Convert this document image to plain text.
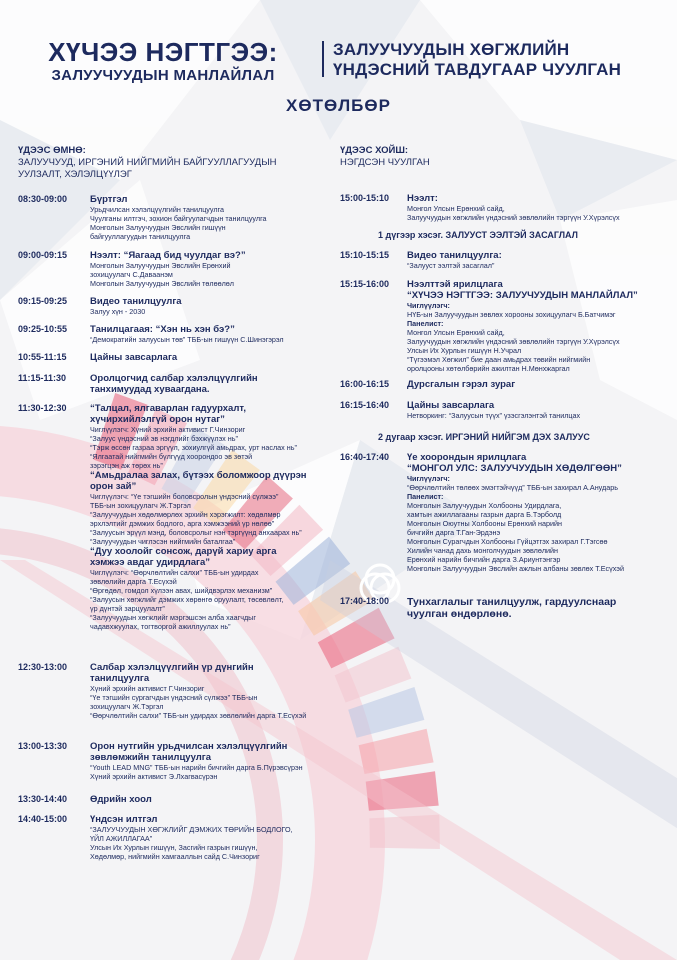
ХҮЧЭЭ НЭГТГЭЭ:
ЗАЛУУЧУУДЫН МАНЛАЙЛАЛ
ЗАЛУУЧУУДЫН ХӨГЖЛИЙН
ҮНДЭСНИЙ ТАВДУГААР ЧУУЛГАН
ХӨТӨЛБӨР
ҮДЭЭС ӨМНӨ:
ЗАЛУУЧУУД, ИРГЭНИЙ НИЙГМИЙН БАЙГУУЛЛАГУУДЫН
УУЛЗАЛТ, ХЭЛЭЛЦҮҮЛЭГ
ҮДЭЭС ХОЙШ:
НЭГДСЭН ЧУУЛГАН
08:30-09:00 Бүртгэл
Урьдчилсан хэлэлцүүлгийн танилцуулга
Чуулганы илтгэч, зохион байгуулагчдын танилцуулга
Монголын Залуучуудын Эвслийн гишүүн
байгууллагуудын танилцуулга
09:00-09:15 Нээлт: “Яагаад бид чуулдаг вэ?”
Монголын Залуучуудын Эвслийн Ерөнхий
зохицуулагч С.Даваанэм
Монголын Залуучуудын Эвслийн төлөөлөл
09:15-09:25 Видео танилцуулга
Залуу хүн - 2030
09:25-10:55 Танилцагаая: “Хэн нь хэн бэ?”
“Демократийн залуусын төв” ТББ-ын гишүүн С.Шинэгэрэл
10:55-11:15 Цайны завсарлага
11:15-11:30	Оролцогчид салбар хэлэлцүүлгийн
танхимуудад хуваагдана.
11:30-12:30 “Талцал, ялгаварлан гадуурхалт,
хүчирхийлэлгүй орон нутаг”
Чиглүүлэгч: Хүний эрхийн активист Г.Чинзориг
“Залуус үндэсний эв нэгдлийг бэхжүүлэх нь”
“Тэрж өссөн газраа эргүүл, зохиулгүй амьдрах, урт наслах нь”
“Ялгаатай нийгмийн бүлгүүд хоорондоо эв зөтэй
зэрэгцэн аж төрөх нь”
“Амьдралаа залах, бүтээх боломжоор дүүрэн
орон зай”
Чиглүүлэгч: “Үе тэгшийн боловсролын үндэсний сүлжээ”
ТББ-ын зохицуулагч Ж.Тэргэл
“Залуучуудын хөдөлмөрлөх эрхийн хэрэгжилт: хөдөлмөр
эрхлэлтийг дэмжих бодлого, арга хэмжээний үр нөлөө”
“Залуусын эрүүл мэнд, боловсролыг нэн тэргүүнд анхаарах нь”
“Залуучуудын чиглэсэн нийгмийн баталгаа”
“Дуу хоолойг сонсож, дарүй хариу арга
хэмжээ авдаг удирдлага”
Чиглүүлэгч: “Өөрчлөлтийн салхи” ТББ-ын удирдах
зөвлөлийн дарга Т.Есүхэй
“Өргөдөл, гомдол хүлээн авах, шийдвэрлэх механизм”
“Залуусын хөгжлийг дэмжих хөрөнгө оруулалт, төсөвлөлт,
үр дүнтэй зарцуулалт”
“Залуучуудын хөгжлийг мэргэшсэн алба хаагчдыг
чадавхжуулах, тогтворгой ажиллуулах нь”
12:30-13:00 Салбар хэлэлцүүлгийн үр дүнгийн
танилцуулга
Хүний эрхийн активист Г.Чинзориг
“Үе тэгшийн сургагчдын үндэсний сүлжээ” ТББ-ын
зохицуулагч Ж.Тэргэл
“Өөрчлөлтийн салхи” ТББ-ын удирдах зөвлөлийн дарга Т.Есүхэй
13:00-13:30 Орон нутгийн урьдчилсан хэлэлцүүлгийн
зөвлөмжийн танилцуулга
“Youth LEAD MNG” ТББ-ын нарийн бичгийн дарга Б.Пүрэвсүрэн
Хүний эрхийн активист Э.Лхагвасүрэн
13:30-14:40 Өдрийн хоол
14:40-15:00 Үндсэн илтгэл
“ЗАЛУУЧУУДЫН ХӨГЖЛИЙГ ДЭМЖИХ ТӨРИЙН БОДЛОГО,
ҮЙЛ АЖИЛЛАГАА”
Улсын Их Хурлын гишүүн, Засгийн газрын гишүүн,
Хөдөлмөр, нийгмийн хамгааллын сайд С.Чинзориг
15:00-15:10 Нээлт:
Монгол Улсын Ерөнхий сайд,
Залуучуудын хөгжлийн үндэсний зөвлөлийн тэргүүн У.Хүрэлсүх
1 дүгээр хэсэг. ЗАЛУУСТ ЭЭЛТЭЙ ЗАСАГЛАЛ
15:10-15:15 Видео танилцуулга:
“Залууст ээлтэй засаглал”
15:15-16:00 Нээлттэй ярилцлага
“ХҮЧЭЭ НЭГТГЭЭ: ЗАЛУУЧУУДЫН МАНЛАЙЛАЛ”
Чиглүүлэгч:
НҮБ-ын Залуучуудын зөвлөх хорооны зохицуулагч Б.Батчимэг
Панелист:
Монгол Улсын Ерөнхий сайд,
Залуучуудын хөгжлийн үндэсний зөвлөлийн тэргүүн У.Хүрэлсүх
Улсын Их Хурлын гишүүн Н.Учрал
“Түгээмэл Хөгжил” бие даан амьдрах төвийн нийгмийн
оролцооны хөтөлбөрийн ажилтан Н.Мөнхжаргал
16:00-16:15 Дурсгалын гэрэл зураг
16:15-16:40 Цайны завсарлага
Нетворкинг: “Залуусын түүх” үзэсгэлэнтэй танилцах
2 дугаар хэсэг. ИРГЭНИЙ НИЙГЭМ ДЭХ ЗАЛУУС
16:40-17:40 Үе хоорондын ярилцлага
“МОНГОЛ УЛС: ЗАЛУУЧУУДЫН ХӨДӨЛГӨӨН”
Чиглүүлэгч:
“Өөрчлөлтийн төлөөх эмэгтэйчүүд” ТББ-ын захирал А.Анударь
Панелист:
Монголын Залуучуудын Холбооны Удирдлага,
хамтын ажиллагааны газрын дарга Б.Тэрболд
Монголын Оюутны Холбооны Ерөнхий нарийн
бичгийн дарга Т.Ган-Эрдэнэ
Монголын Сурагчдын Холбооны Гүйцэтгэх захирал Г.Тэгсөө
Хилийн чанад дахь монголчуудын зөвлөлийн
Ерөнхий нарийн бичгийн дарга З.Ариунтэнгэр
Монголын Залуучуудын Эвслийн ажлын албаны зөвлөх Т.Есүхэй
17:40-18:00 Тунхаглалыг танилцуулж, гардуулснаар
чуулган өндөрлөнө.
